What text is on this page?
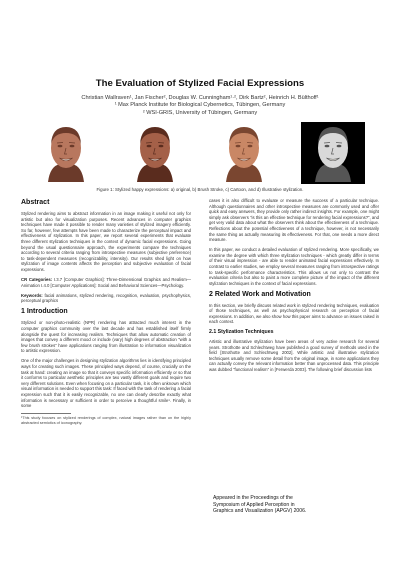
The Evaluation of Stylized Facial Expressions
Christian Wallraven¹, Jan Fischer², Douglas W. Cunningham¹·², Dirk Bartz², Heinrich H. Bülthoff¹
¹ Max Planck Institute for Biological Cybernetics, Tübingen, Germany
² WSI-GRIS, University of Tübingen, Germany
Figure 1: Stylized happy expressions: a) original, b) Brush Stroke, c) Cartoon, and d) Illustrative stylization.
Abstract
Stylized rendering aims to abstract information in an image making it useful not only for artistic but also for visualization purposes. Recent advances in computer graphics techniques have made it possible to render many varieties of stylized imagery efficiently. So far, however, few attempts have been made to characterize the perceptual impact and effectiveness of stylization. In this paper, we report several experiments that evaluate three different stylization techniques in the context of dynamic facial expressions. Going beyond the usual questionnaire approach, the experiments compare the techniques according to several criteria ranging from introspective measures (subjective preference) to task-dependent measures (recognizability, intensity). Our results shed light on how stylization of image contents affects the perception and subjective evaluation of facial expressions.
CR Categories: I.3.7 [Computer Graphics]: Three-Dimensional Graphics and Realism—Animation I.4.0 [Computer Applications]: Social and Behavioral Sciences—Psychology.
Keywords: facial animations, stylized rendering, recognition, evaluation, psychophysics, perceptual graphics
1 Introduction
Stylized or non-photo-realistic (NPR) rendering has attracted much interest in the computer graphics community over the last decade and has established itself firmly alongside the quest for increasing realism. Techniques that allow automatic creation of images that convey a different mood or include (vary) high degrees of abstraction “with a few brush strokes” have applications ranging from illustration to information visualization to artistic expression.
One of the major challenges in designing stylization algorithms lies in identifying principled ways for creating such images. These principled ways depend, of course, crucially on the task at hand: creating an image so that it conveys specific information efficiently or so that it conforms to particular aesthetic principles are two vastly different goals and require two very different solutions. Even when focusing on a particular task, it is often unknown which visual information is needed to support this task: If faced with the task of rendering a facial expression such that it is easily recognizable, no one can clearly describe exactly what information is necessary or sufficient in order to perceive a thoughtful smile¹. Finally, in some
¹This study focuses on stylized renderings of complex, natural images rather than on the highly abstracted semiotics of iconography.
cases it is also difficult to evaluate or measure the success of a particular technique. Although questionnaires and other introspective measures are commonly used and offer quick and easy answers, they provide only rather indirect insights. For example, one might simply ask observers “is this an effective technique for rendering facial expressions?”, and get very valid data about what the observers think about the effectiveness of a technique. Reflections about the potential effectiveness of a technique, however, is not necessarily the same thing as actually measuring its effectiveness. For that, one needs a more direct measure.
In this paper, we conduct a detailed evaluation of stylized rendering. More specifically, we examine the degree with which three stylization techniques - which greatly differ in terms of their visual impression - are able to render animated facial expressions effectively. In contrast to earlier studies, we employ several measures ranging from introspective ratings to task-specific performance characteristics. This allows us not only to contrast the evaluation criteria but also to paint a more complete picture of the impact of the different stylization techniques in the context of facial expressions.
2 Related Work and Motivation
In this section, we briefly discuss related work in stylized rendering techniques, evaluation of those techniques, as well as psychophysical research on perception of facial expressions. In addition, we also show how this paper aims to advance on issues raised in each context.
2.1 Stylization Techniques
Artistic and illustrative stylization have been areas of very active research for several years. Strothotte and Schlechtweg have published a good survey of methods used in the field [Strothotte and Schlechtweg 2002]. While artistic and illustrative stylization techniques usually remove some detail from the original image, in some applications they can actually convey the relevant information better than unprocessed data. This principle was dubbed “functional realism” in [Ferwerda 2003]. The following brief discussion lists
Appeared in the Proceedings of the
Symposium of Applied Perception in
Graphics and Visualization (APGV) 2006.
